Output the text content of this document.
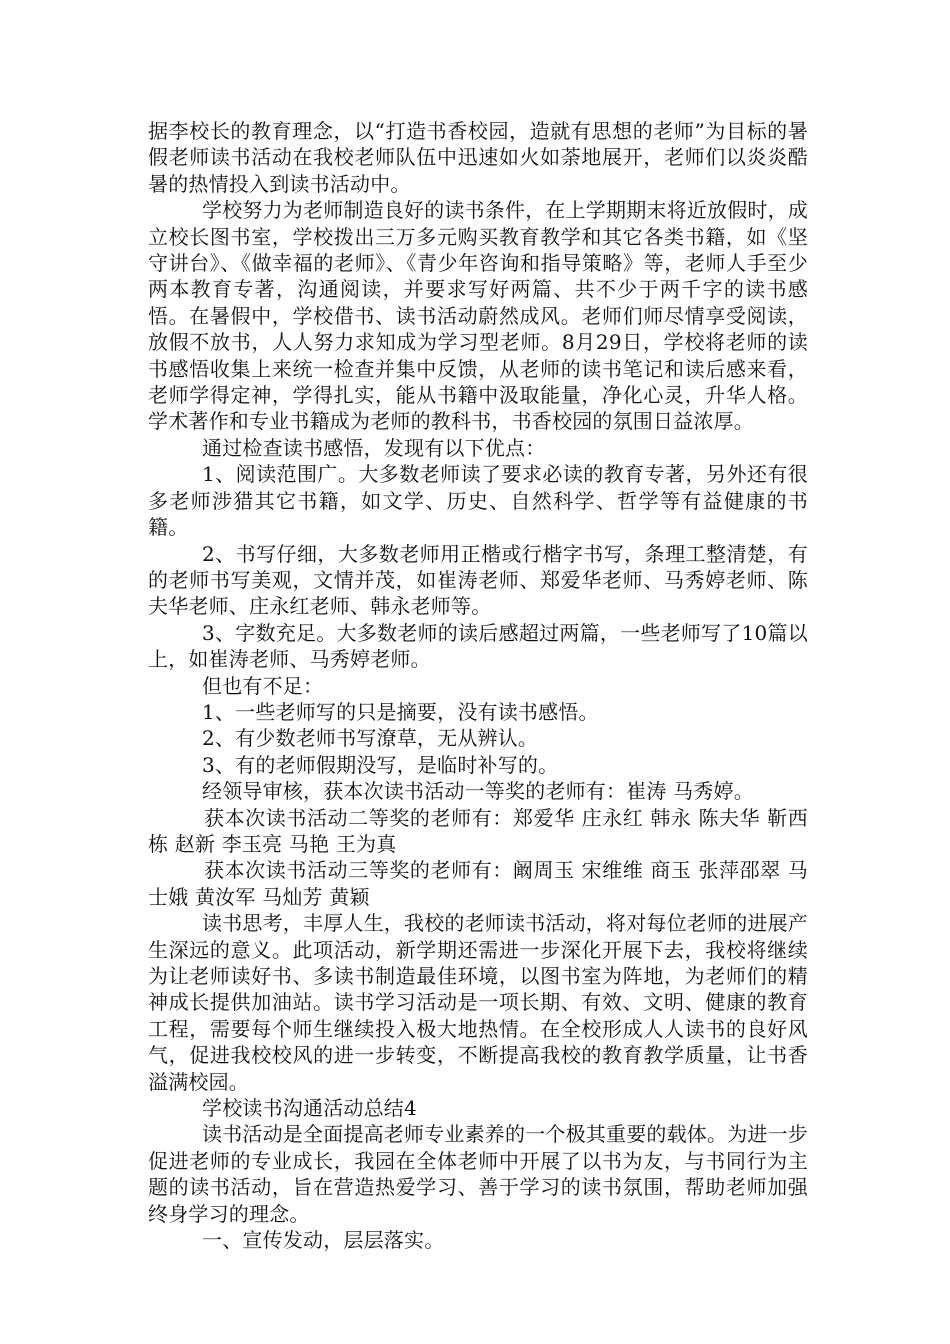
据李校长的教育理念，以“打造书香校园，造就有思想的老师”为目标的暑假老师读书活动在我校老师队伍中迅速如火如荼地展开，老师们以炎炎酷暑的热情投入到读书活动中。

学校努力为老师制造良好的读书条件，在上学期期末将近放假时，成立校长图书室，学校拨出三万多元购买教育教学和其它各类书籍，如《坚守讲台》、《做幸福的老师》、《青少年咨询和指导策略》等，老师人手至少两本教育专著，沟通阅读，并要求写好两篇、共不少于两千字的读书感悟。在暑假中，学校借书、读书活动蔚然成风。老师们师尽情享受阅读，放假不放书，人人努力求知成为学习型老师。8月29日，学校将老师的读书感悟收集上来统一检查并集中反馈，从老师的读书笔记和读后感来看，老师学得定神，学得扎实，能从书籍中汲取能量，净化心灵，升华人格。学术著作和专业书籍成为老师的教科书，书香校园的氛围日益浓厚。

通过检查读书感悟，发现有以下优点：

1、阅读范围广。大多数老师读了要求必读的教育专著，另外还有很多老师涉猎其它书籍，如文学、历史、自然科学、哲学等有益健康的书籍。

2、书写仔细，大多数老师用正楷或行楷字书写，条理工整清楚，有的老师书写美观，文情并茂，如崔涛老师、郑爱华老师、马秀婷老师、陈夫华老师、庄永红老师、韩永老师等。

3、字数充足。大多数老师的读后感超过两篇，一些老师写了10篇以上，如崔涛老师、马秀婷老师。

但也有不足：

1、一些老师写的只是摘要，没有读书感悟。

2、有少数老师书写潦草，无从辨认。

3、有的老师假期没写，是临时补写的。

经领导审核，获本次读书活动一等奖的老师有：崔涛 马秀婷。

获本次读书活动二等奖的老师有：郑爱华 庄永红 韩永 陈夫华 靳西栋 赵新 李玉亮 马艳 王为真

获本次读书活动三等奖的老师有：阚周玉 宋维维 商玉 张萍邵翠 马士娥 黄汝军 马灿芳 黄颖

读书思考，丰厚人生，我校的老师读书活动，将对每位老师的进展产生深远的意义。此项活动，新学期还需进一步深化开展下去，我校将继续为让老师读好书、多读书制造最佳环境，以图书室为阵地，为老师们的精神成长提供加油站。读书学习活动是一项长期、有效、文明、健康的教育工程，需要每个师生继续投入极大地热情。在全校形成人人读书的良好风气，促进我校校风的进一步转变，不断提高我校的教育教学质量，让书香溢满校园。

学校读书沟通活动总结4

读书活动是全面提高老师专业素养的一个极其重要的载体。为进一步促进老师的专业成长，我园在全体老师中开展了以书为友，与书同行为主题的读书活动，旨在营造热爱学习、善于学习的读书氛围，帮助老师加强终身学习的理念。

一、宣传发动，层层落实。
